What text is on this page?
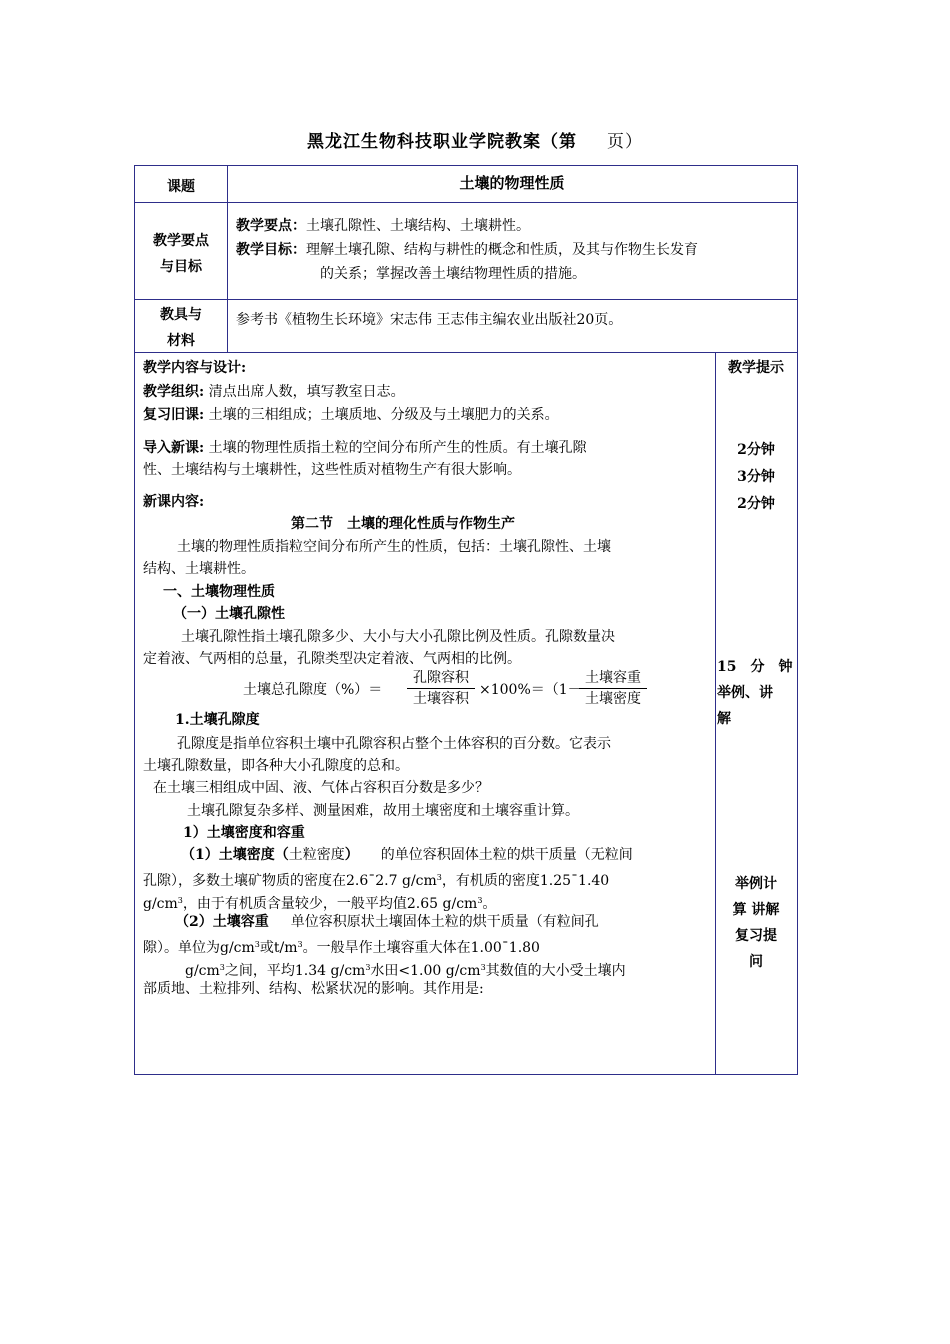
黑龙江生物科技职业学院教案（第 页）
课题	土壤的物理性质
教学要点
与目标
教学要点：土壤孔隙性、土壤结构、土壤耕性。
教学目标：理解土壤孔隙、结构与耕性的概念和性质，及其与作物生长发育
的关系；掌握改善土壤结物理性质的措施。
教具与
材料
参考书《植物生长环境》宋志伟 王志伟主编农业出版社20页。
教学内容与设计:
教学组织: 清点出席人数，填写教室日志。
复习旧课: 土壤的三相组成；土壤质地、分级及与土壤肥力的关系。
导入新课: 土壤的物理性质指土粒的空间分布所产生的性质。有土壤孔隙
性、土壤结构与土壤耕性，这些性质对植物生产有很大影响。
新课内容:
第二节　土壤的理化性质与作物生产
土壤的物理性质指粒空间分布所产生的性质，包括：土壤孔隙性、土壤
结构、土壤耕性。
一、土壤物理性质
（一）土壤孔隙性
土壤孔隙性指土壤孔隙多少、大小与大小孔隙比例及性质。孔隙数量决
定着液、气两相的总量，孔隙类型决定着液、气两相的比例。
土壤总孔隙度（%）＝
孔隙容积
土壤容积
×100%＝（1－
土壤容重
土壤密度
1.土壤孔隙度
孔隙度是指单位容积土壤中孔隙容积占整个土体容积的百分数。它表示
土壤孔隙数量，即各种大小孔隙度的总和。
在土壤三相组成中固、液、气体占容积百分数是多少？
土壤孔隙复杂多样、测量困难，故用土壤密度和土壤容重计算。
1）土壤密度和容重
（1）土壤密度（土粒密度） 的单位容积固体土粒的烘干质量（无粒间
孔隙），多数土壤矿物质的密度在2.6¯2.7 $g/cm^3$，有机质的密度1.25¯1.40
$g/cm^3$，由于有机质含量较少，一般平均值2.65 $g/cm^3$。
（2）土壤容重 单位容积原状土壤固体土粒的烘干质量（有粒间孔
隙）。单位为$g/cm^3$或$t/m^3$。一般旱作土壤容重大体在1.00¯1.80
$g/cm^3$之间，平均1.34 $g/cm^3$水田<1.00 $g/cm^3$其数值的大小受土壤内
部质地、土粒排列、结构、松紧状况的影响。其作用是:
教学提示
2分钟
3分钟
2分钟
15　分　钟
举例、讲
解
举例计
算 讲解
复习提
问
